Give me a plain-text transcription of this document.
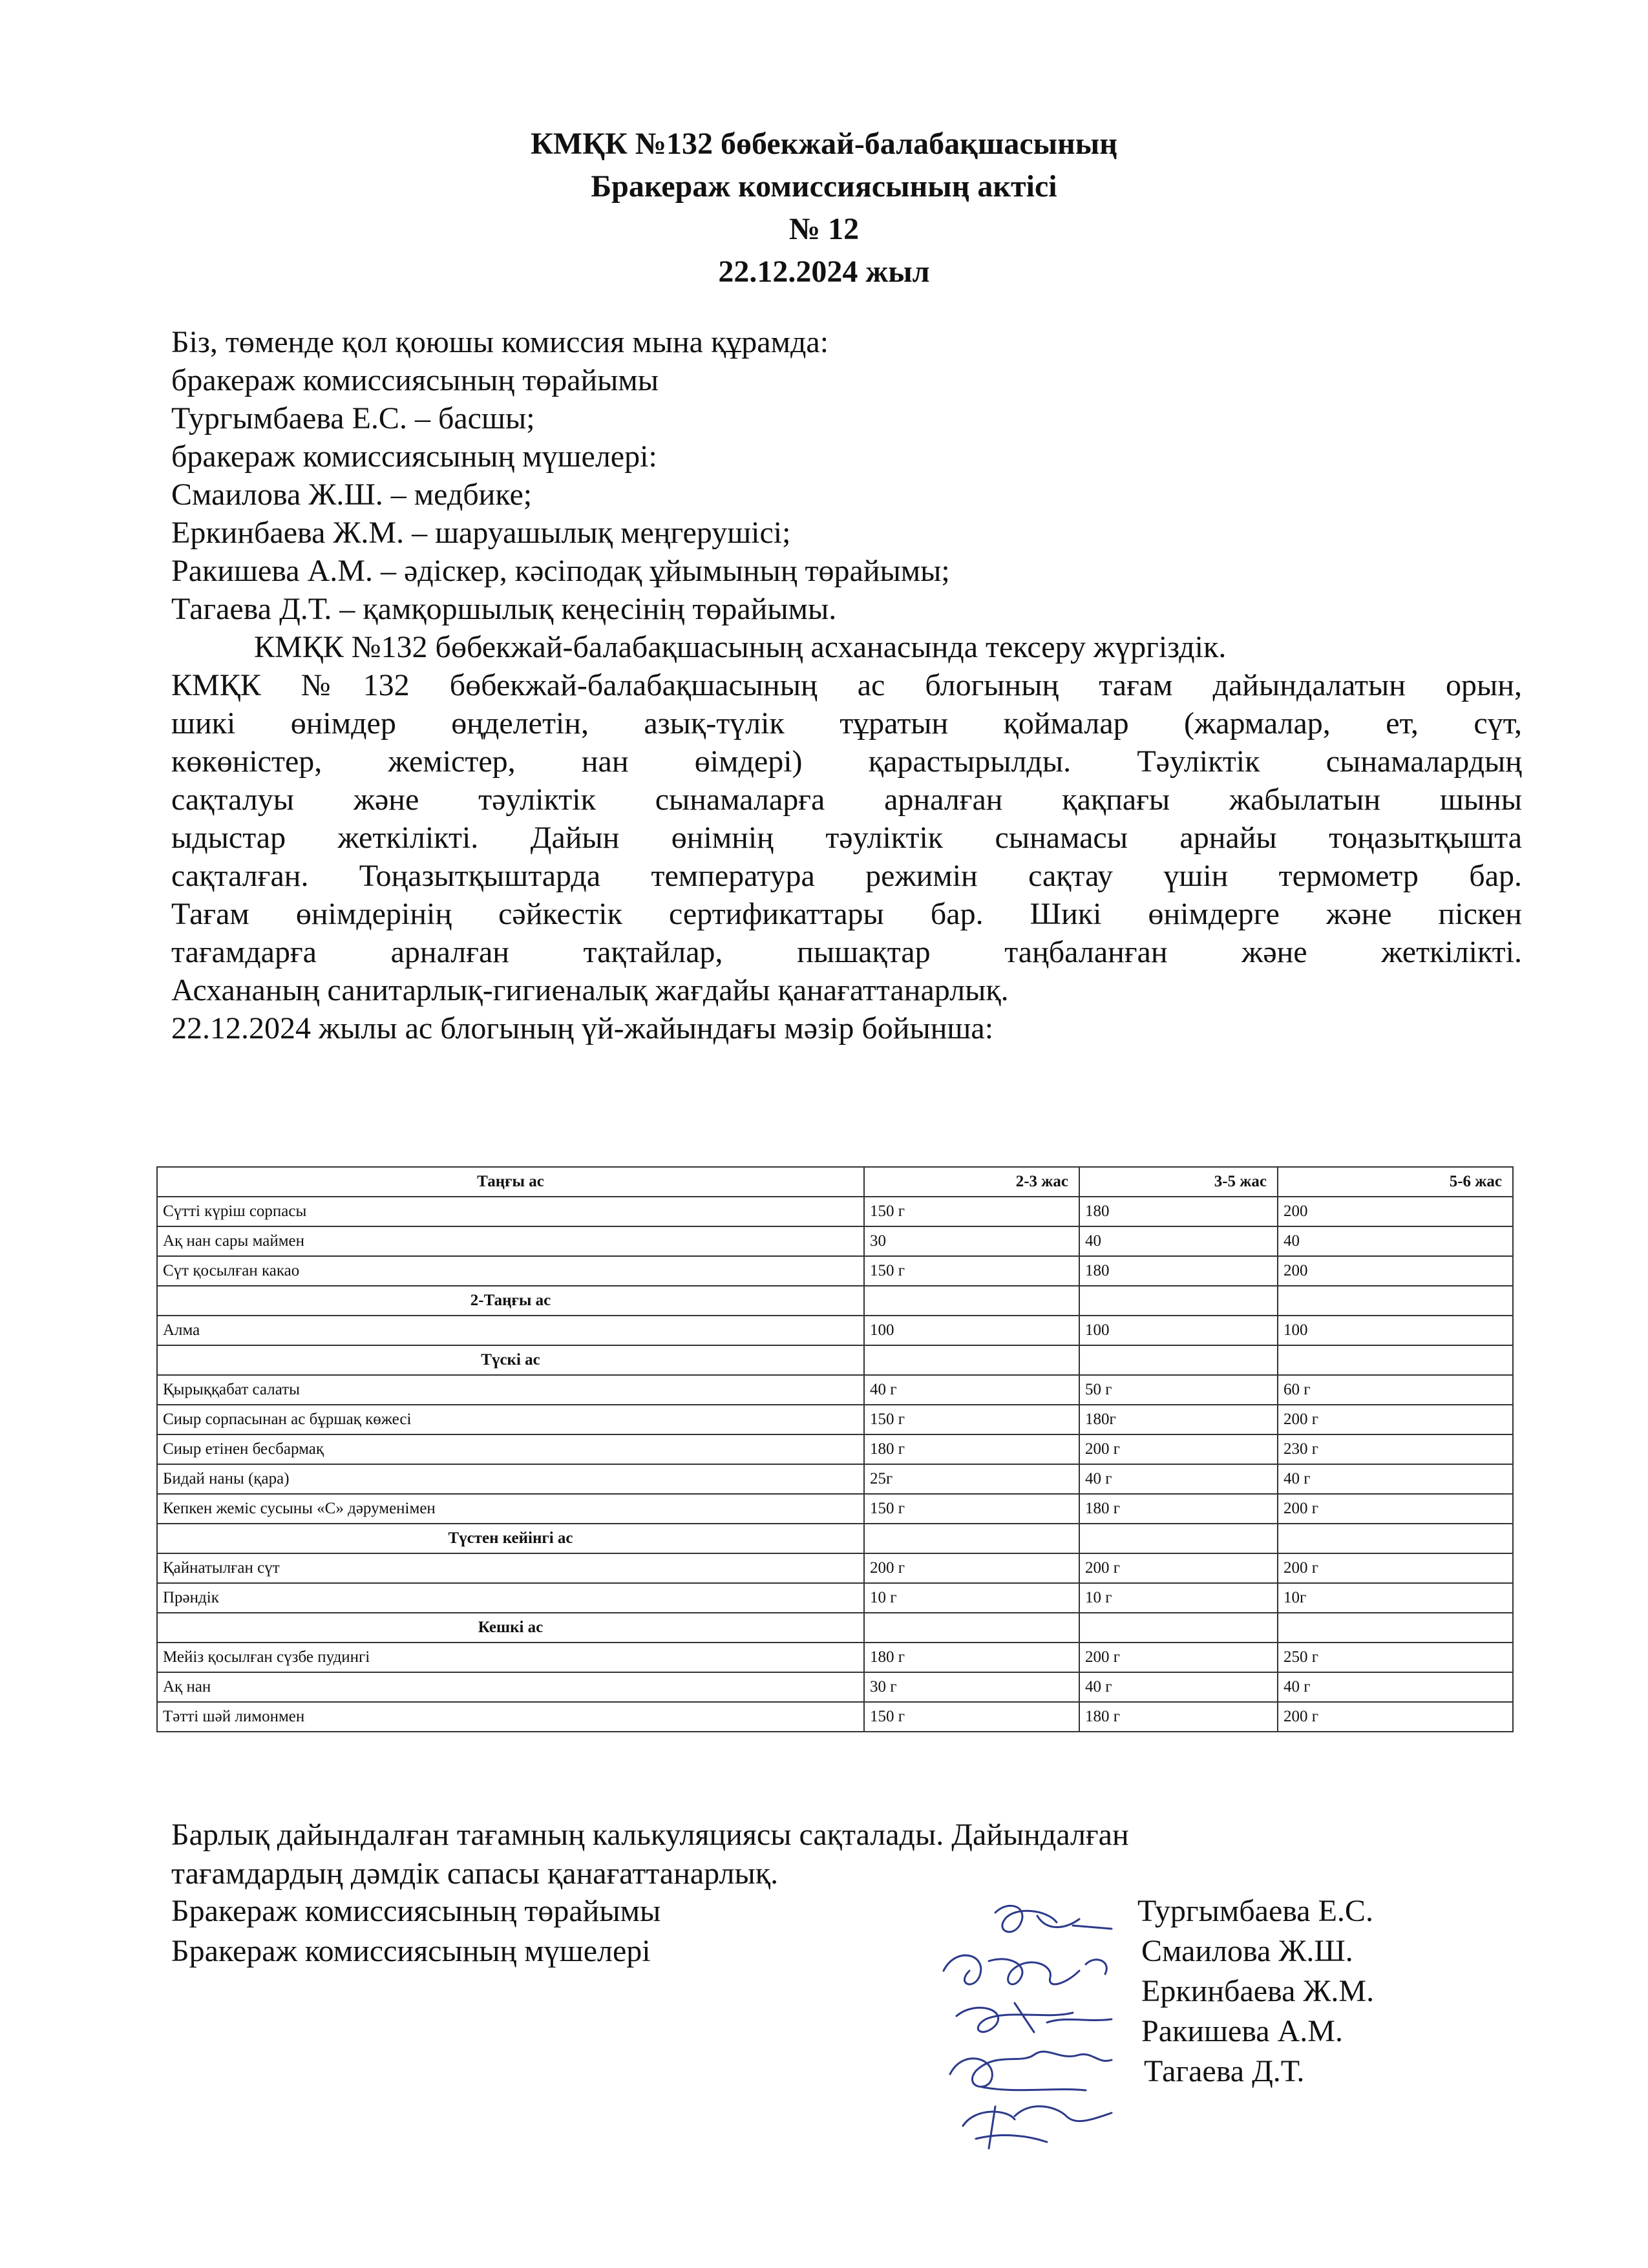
КМҚК №132 бөбекжай-балабақшасының
Бракераж комиссиясының актісі
№ 12
22.12.2024 жыл
Біз, төменде қол қоюшы комиссия мына құрамда:
бракераж комиссиясының төрайымы
Тургымбаева Е.С. – басшы;
бракераж комиссиясының мүшелері:
Смаилова Ж.Ш. – медбике;
Еркинбаева Ж.М. – шаруашылық меңгерушісі;
Ракишева А.М. – әдіскер, кәсіподақ ұйымының төрайымы;
Тагаева Д.Т. – қамқоршылық кеңесінің төрайымы.
КМҚК №132 бөбекжай-балабақшасының асханасында тексеру жүргіздік.
КМҚК №132 бөбекжай-балабақшасының ас блогының тағам дайындалатын орын,
шикі өнімдер өңделетін, азық-түлік тұратын қоймалар (жармалар, ет, сүт,
көкөністер, жемістер, нан өімдері) қарастырылды. Тәуліктік сынамалардың
сақталуы және тәуліктік сынамаларға арналған қақпағы жабылатын шыны
ыдыстар жеткілікті. Дайын өнімнің тәуліктік сынамасы арнайы тоңазытқышта
сақталған. Тоңазытқыштарда температура режимін сақтау үшін термометр бар.
Тағам өнімдерінің сәйкестік сертификаттары бар. Шикі өнімдерге және піскен
тағамдарға арналған тақтайлар, пышақтар таңбаланған және жеткілікті.
Асхананың санитарлық-гигиеналық жағдайы қанағаттанарлық.
22.12.2024 жылы ас блогының үй-жайындағы мәзір бойынша:
Таңғы ас	2-3 жас	3-5 жас	5-6 жас
Сүтті күріш сорпасы	150 г	180	200
Ақ нан сары маймен	30	40	40
Сүт қосылған какао	150 г	180	200
2-Таңғы ас			
Алма	100	100	100
Түскі ас			
Қырыққабат салаты	40 г	50 г	60 г
Сиыр сорпасынан ас бұршақ көжесі	150 г	180г	200 г
Сиыр етінен бесбармақ	180 г	200 г	230 г
Бидай наны (қара)	25г	40 г	40 г
Кепкен жеміс сусыны «С» дәруменімен	150 г	180 г	200 г
Түстен кейінгі ас			
Қайнатылған сүт	200 г	200 г	200 г
Прәндік	10 г	10 г	10г
Кешкі ас			
Мейіз қосылған сүзбе пудингі	180 г	200 г	250 г
Ақ нан	30 г	40 г	40 г
Тәтті шәй лимонмен	150 г	180 г	200 г
Барлық дайындалған тағамның калькуляциясы сақталады. Дайындалған
тағамдардың дәмдік сапасы қанағаттанарлық.
Бракераж комиссиясының төрайымы
Бракераж комиссиясының мүшелері
Тургымбаева Е.С.
Смаилова Ж.Ш.
Еркинбаева Ж.М.
Ракишева А.М.
Тагаева Д.Т.
